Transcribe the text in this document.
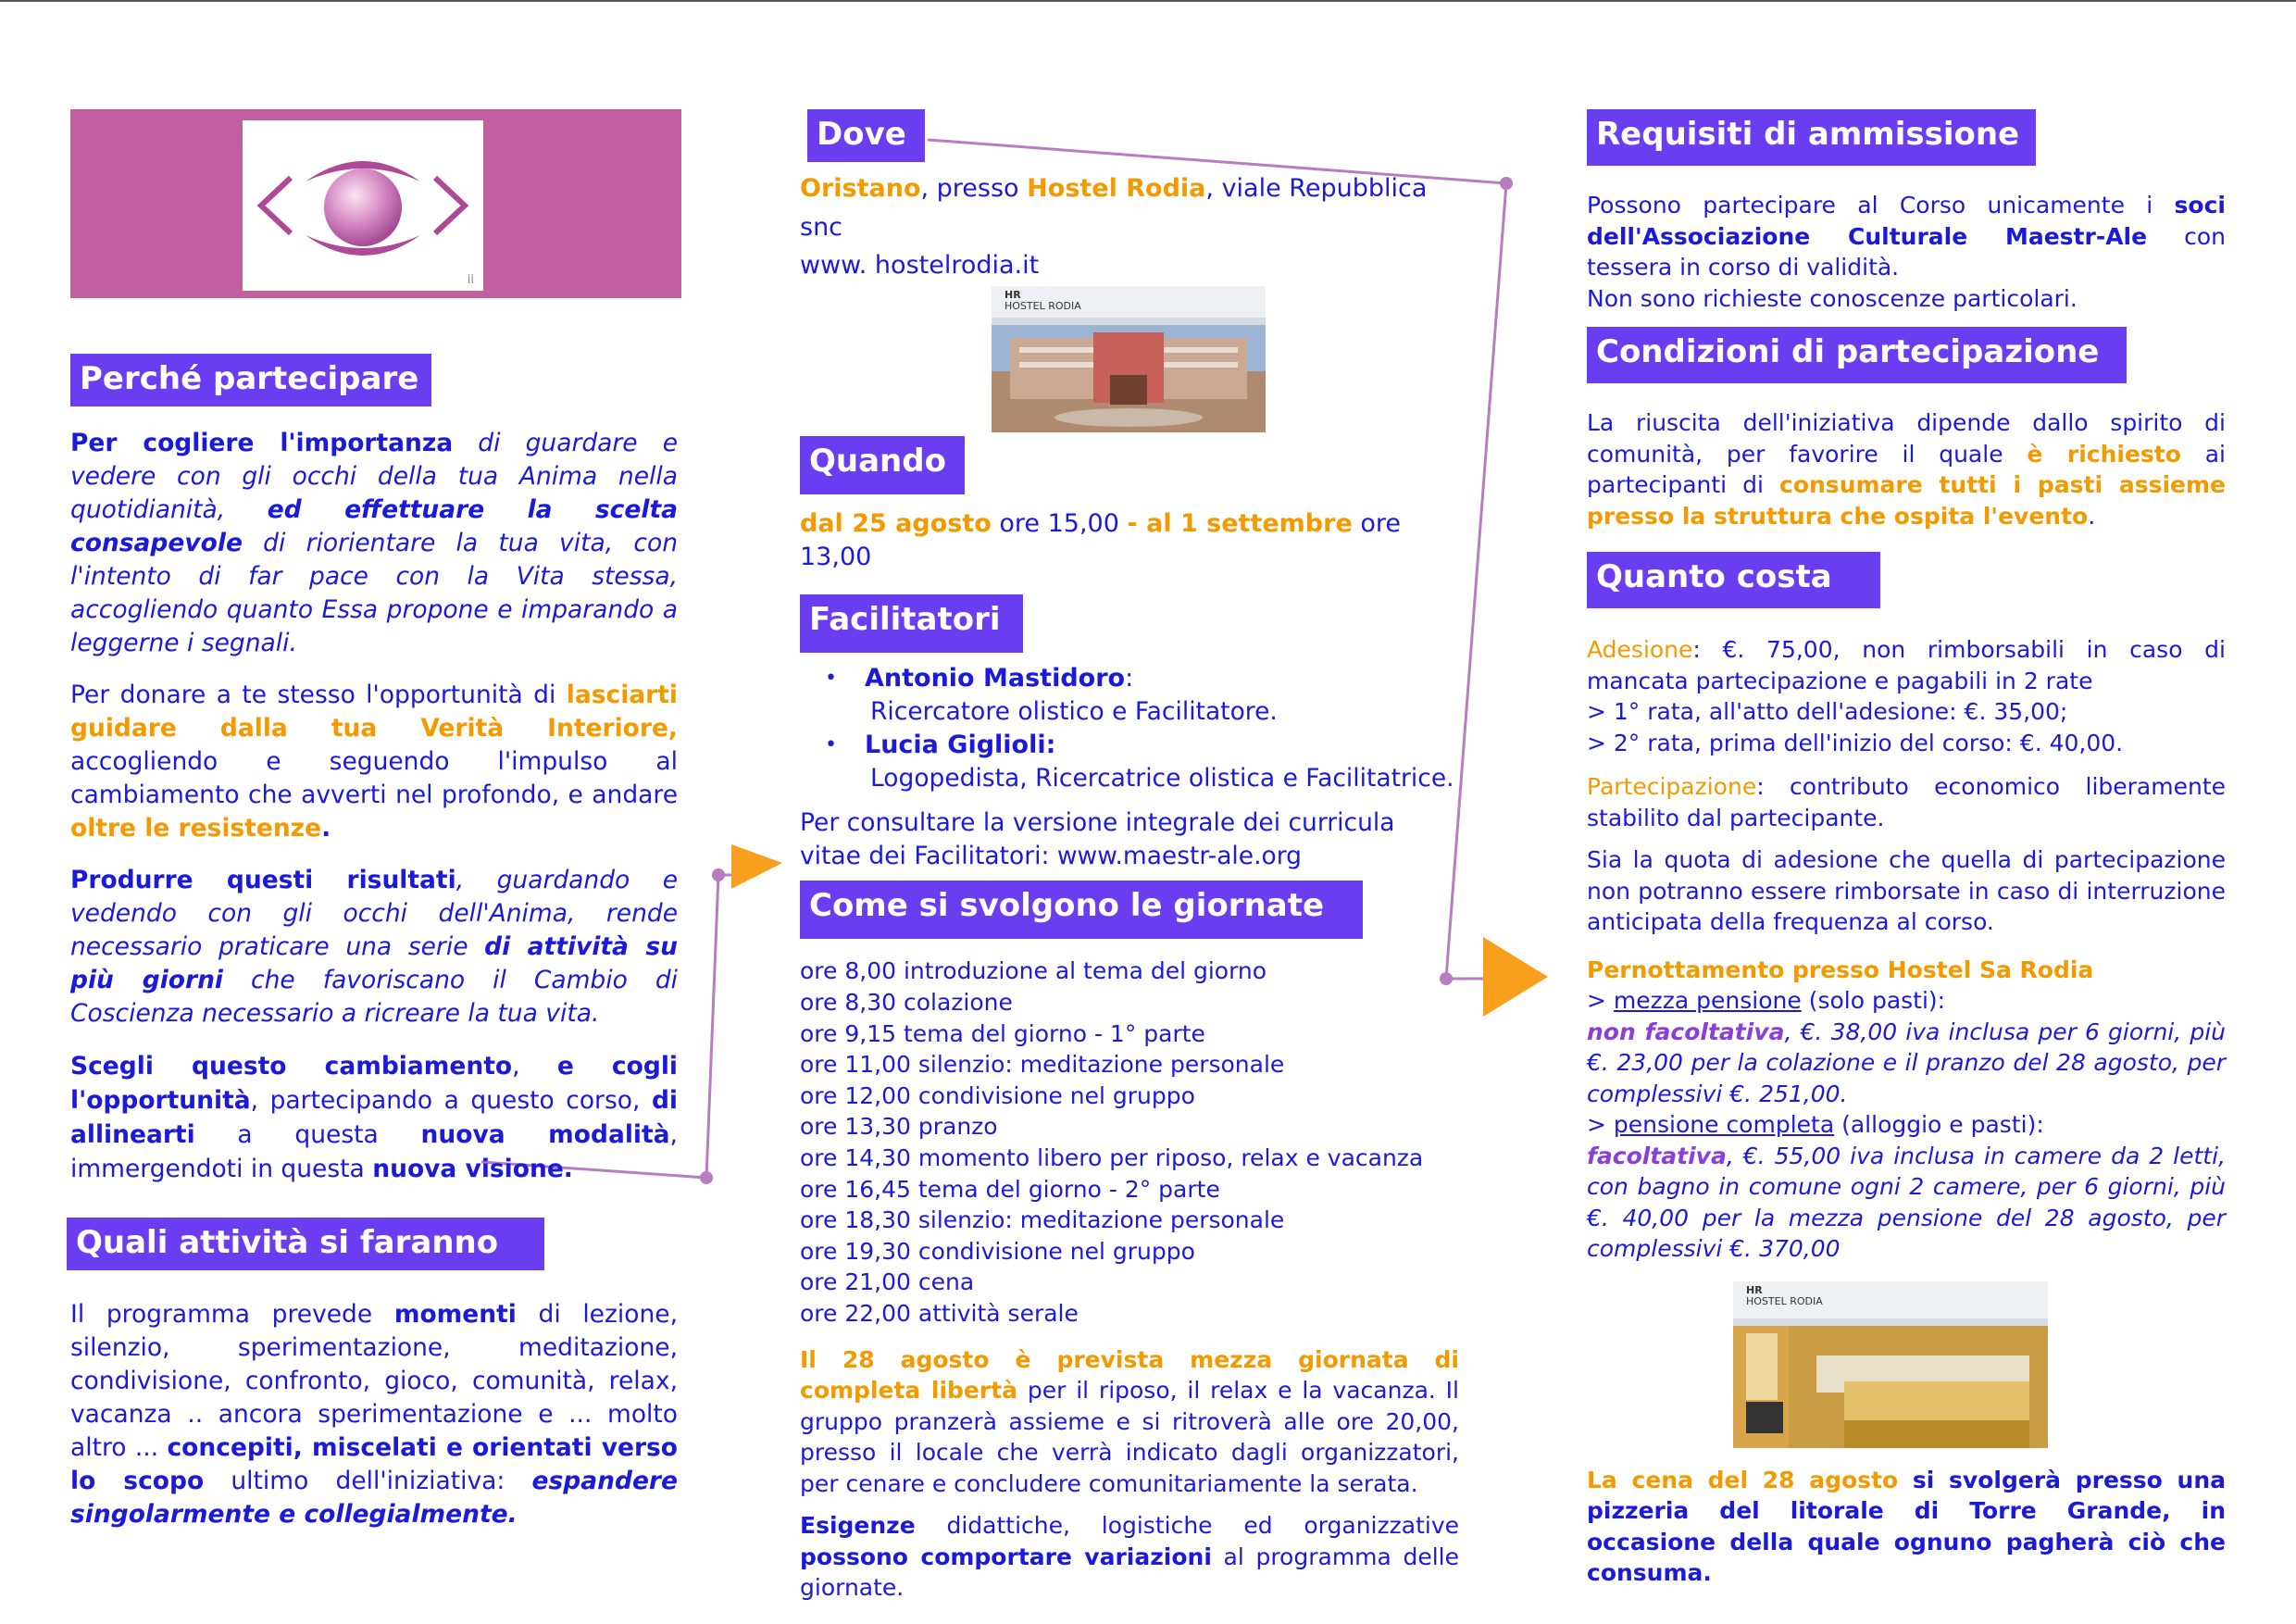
ii
Perché partecipare

Per cogliere l'importanza di guardare e vedere con gli occhi della tua Anima nella quotidianità, ed effettuare la scelta consapevole di riorientare la tua vita, con l'intento di far pace con la Vita stessa, accogliendo quanto Essa propone e imparando a leggerne i segnali.

Per donare a te stesso l'opportunità di lasciarti guidare dalla tua Verità Interiore, accogliendo e seguendo l'impulso al cambiamento che avverti nel profondo, e andare oltre le resistenze.

Produrre questi risultati, guardando e vedendo con gli occhi dell'Anima, rende necessario praticare una serie di attività su più giorni che favoriscano il Cambio di Coscienza necessario a ricreare la tua vita.

Scegli questo cambiamento, e cogli l'opportunità, partecipando a questo corso, di allinearti a questa nuova modalità, immergendoti in questa nuova visione.

Quali attività si faranno

Il programma prevede momenti di lezione, silenzio, sperimentazione, meditazione, condivisione, confronto, gioco, comunità, relax, vacanza .. ancora sperimentazione e ... molto altro ... concepiti, miscelati e orientati verso lo scopo ultimo dell'iniziativa: espandere singolarmente e collegialmente.

Dove

Oristano, presso Hostel Rodia, viale Repubblica snc

www. hostelrodia.it

HR
HOSTEL RODIA
Quando

dal 25 agosto ore 15,00 - al 1 settembre ore 13,00

Facilitatori
•	Antonio Mastidoro:
Ricercatore olistico e Facilitatore.
•	Lucia Giglioli:
Logopedista, Ricercatrice olistica e Facilitatrice.

Per consultare la versione integrale dei curricula vitae dei Facilitatori: www.maestr-ale.org

Come si svolgono le giornate
ore 8,00 introduzione al tema del giorno
ore 8,30 colazione
ore 9,15 tema del giorno - 1° parte
ore 11,00 silenzio: meditazione personale
ore 12,00 condivisione nel gruppo
ore 13,30 pranzo
ore 14,30 momento libero per riposo, relax e vacanza
ore 16,45 tema del giorno - 2° parte
ore 18,30 silenzio: meditazione personale
ore 19,30 condivisione nel gruppo
ore 21,00 cena
ore 22,00 attività serale

Il 28 agosto è prevista mezza giornata di completa libertà per il riposo, il relax e la vacanza. Il gruppo pranzerà assieme e si ritroverà alle ore 20,00, presso il locale che verrà indicato dagli organizzatori, per cenare e concludere comunitariamente la serata.

Esigenze didattiche, logistiche ed organizzative possono comportare variazioni al programma delle giornate.

Requisiti di ammissione

Possono partecipare al Corso unicamente i soci dell'Associazione Culturale Maestr-Ale con tessera in corso di validità.

Non sono richieste conoscenze particolari.

Condizioni di partecipazione

La riuscita dell'iniziativa dipende dallo spirito di comunità, per favorire il quale è richiesto ai partecipanti di consumare tutti i pasti assieme presso la struttura che ospita l'evento.

Quanto costa

Adesione: €. 75,00, non rimborsabili in caso di mancata partecipazione e pagabili in 2 rate

> 1° rata, all'atto dell'adesione: €. 35,00;

> 2° rata, prima dell'inizio del corso: €. 40,00.

Partecipazione: contributo economico liberamente stabilito dal partecipante.

Sia la quota di adesione che quella di partecipazione non potranno essere rimborsate in caso di interruzione anticipata della frequenza al corso.

Pernottamento presso Hostel Sa Rodia

> mezza pensione (solo pasti):

non facoltativa, €. 38,00 iva inclusa per 6 giorni, più €. 23,00 per la colazione e il pranzo del 28 agosto, per complessivi €. 251,00.

> pensione completa (alloggio e pasti):

facoltativa, €. 55,00 iva inclusa in camere da 2 letti, con bagno in comune ogni 2 camere, per 6 giorni, più €. 40,00 per la mezza pensione del 28 agosto, per complessivi €. 370,00

HR
HOSTEL RODIA

La cena del 28 agosto si svolgerà presso una pizzeria del litorale di Torre Grande, in occasione della quale ognuno pagherà ciò che consuma.
